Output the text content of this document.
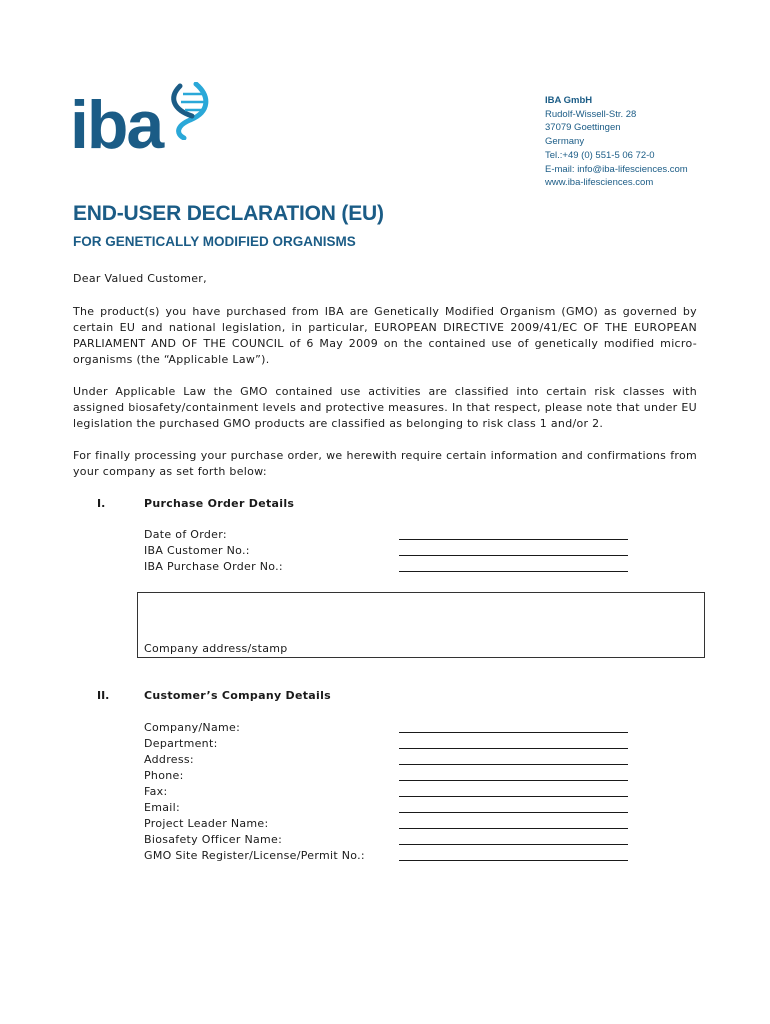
iba	IBA GmbH
Rudolf-Wissell-Str. 28
37079 Goettingen
Germany
Tel.:+49 (0) 551-5 06 72-0
E-mail: info@iba-lifesciences.com
www.iba-lifesciences.com
END-USER DECLARATION (EU)
FOR GENETICALLY MODIFIED ORGANISMS
Dear Valued Customer,
The product(s) you have purchased from IBA are Genetically Modified Organism (GMO) as governed by certain EU and national legislation, in particular, EUROPEAN DIRECTIVE 2009/41/EC OF THE EUROPEAN PARLIAMENT AND OF THE COUNCIL of 6 May 2009 on the contained use of genetically modified micro-organisms (the “Applicable Law”).
Under Applicable Law the GMO contained use activities are classified into certain risk classes with assigned biosafety/containment levels and protective measures. In that respect, please note that under EU legislation the purchased GMO products are classified as belonging to risk class 1 and/or 2.
For finally processing your purchase order, we herewith require certain information and confirmations from your company as set forth below:
I.	Purchase Order Details
Date of Order:
IBA Customer No.:
IBA Purchase Order No.:
Company address/stamp
II.	Customer’s Company Details
Company/Name:
Department:
Address:
Phone:
Fax:
Email:
Project Leader Name:
Biosafety Officer Name:
GMO Site Register/License/Permit No.:
